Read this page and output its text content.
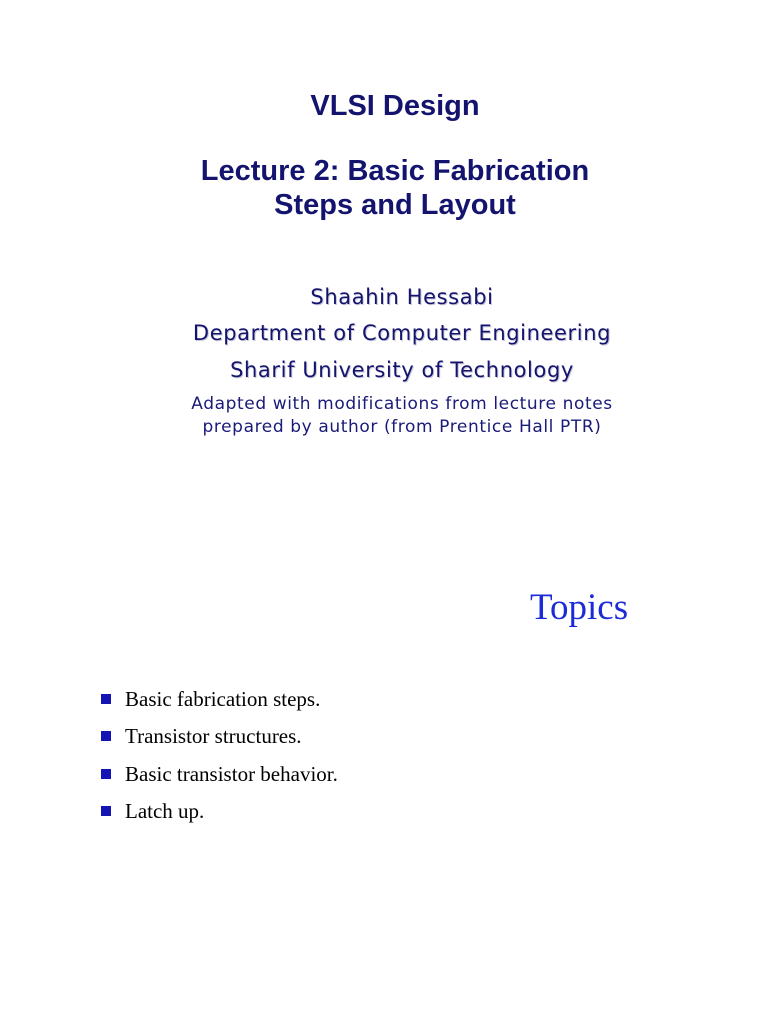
VLSI Design
Lecture 2: Basic Fabrication
Steps and Layout

Shaahin Hessabi

Department of Computer Engineering

Sharif University of Technology

Adapted with modifications from lecture notes
prepared by author (from Prentice Hall PTR)

Topics
Basic fabrication steps.
Transistor structures.
Basic transistor behavior.
Latch up.
